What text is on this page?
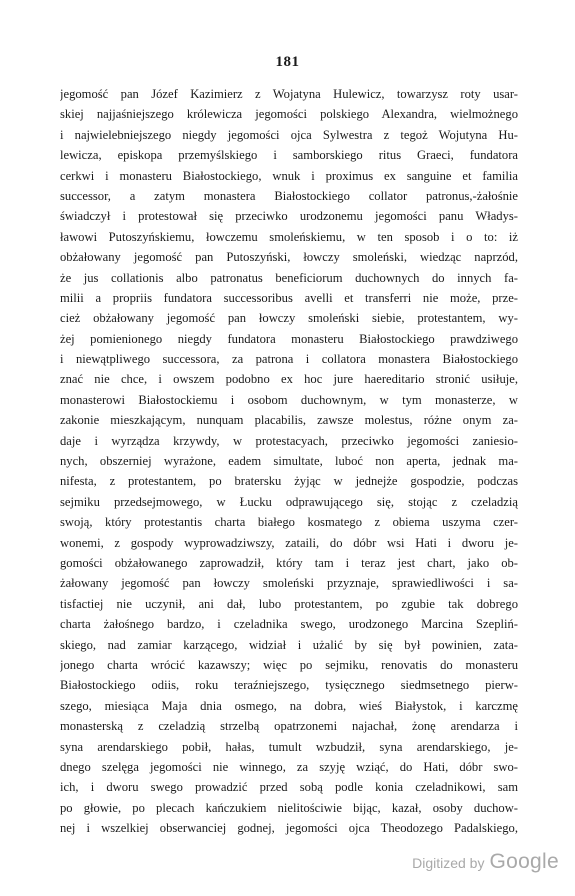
181
jegomość pan Józef Kazimierz z Wojatyna Hulewicz, towarzysz roty usar-
skiej najjaśniejszego królewicza jegomości polskiego Alexandra, wielmożnego
i najwielebniejszego niegdy jegomości ojca Sylwestra z tegoż Wojutyna Hu-
lewicza, episkopa przemyślskiego i samborskiego ritus Graeci, fundatora
cerkwi i monasteru Białostockiego, wnuk i proximus ex sanguine et familia
successor, a zatym monastera Białostockiego collator patronus,-żałośnie
świadczył i protestował się przeciwko urodzonemu jegomości panu Władys-
ławowi Putoszyńskiemu, łowczemu smoleńskiemu, w ten sposob i o to: iż
obżałowany jegomość pan Putoszyński, łowczy smoleński, wiedząc naprzód,
że jus collationis albo patronatus beneficiorum duchownych do innych fa-
milii a propriis fundatora successoribus avelli et transferri nie może, prze-
cież obżałowany jegomość pan łowczy smoleński siebie, protestantem, wy-
żej pomienionego niegdy fundatora monasteru Białostockiego prawdziwego
i niewątpliwego successora, za patrona i collatora monastera Białostockiego
znać nie chce, i owszem podobno ex hoc jure haereditario stronić usiłuje,
monasterowi Białostockiemu i osobom duchownym, w tym monasterze, w
zakonie mieszkającym, nunquam placabilis, zawsze molestus, różne onym za-
daje i wyrządza krzywdy, w protestacyach, przeciwko jegomości zaniesio-
nych, obszerniej wyrażone, eadem simultate, luboć non aperta, jednak ma-
nifesta, z protestantem, po bratersku żyjąc w jednejże gospodzie, podczas
sejmiku przedsejmowego, w Łucku odprawującego się, stojąc z czeladzią
swoją, który protestantis charta białego kosmatego z obiema uszyma czer-
wonemi, z gospody wyprowadziwszy, zataili, do dóbr wsi Hati i dworu je-
gomości obżałowanego zaprowadził, który tam i teraz jest chart, jako ob-
żałowany jegomość pan łowczy smoleński przyznaje, sprawiedliwości i sa-
tisfactiej nie uczynił, ani dał, lubo protestantem, po zgubie tak dobrego
charta żałośnego bardzo, i czeladnika swego, urodzonego Marcina Szepliń-
skiego, nad zamiar karzącego, widział i użalić by się był powinien, zata-
jonego charta wrócić kazawszy; więc po sejmiku, renovatis do monasteru
Białostockiego odiis, roku teraźniejszego, tysięcznego siedmsetnego pierw-
szego, miesiąca Maja dnia osmego, na dobra, wieś Białystok, i karczmę
monasterską z czeladzią strzelbą opatrzonemi najachał, żonę arendarza i
syna arendarskiego pobił, hałas, tumult wzbudził, syna arendarskiego, je-
dnego szelęga jegomości nie winnego, za szyję wziąć, do Hati, dóbr swo-
ich, i dworu swego prowadzić przed sobą podle konia czeladnikowi, sam
po głowie, po plecach kańczukiem nielitościwie bijąc, kazał, osoby duchow-
nej i wszelkiej obserwanciej godnej, jegomości ojca Theodozego Padalskiego,
Digitized by Google
